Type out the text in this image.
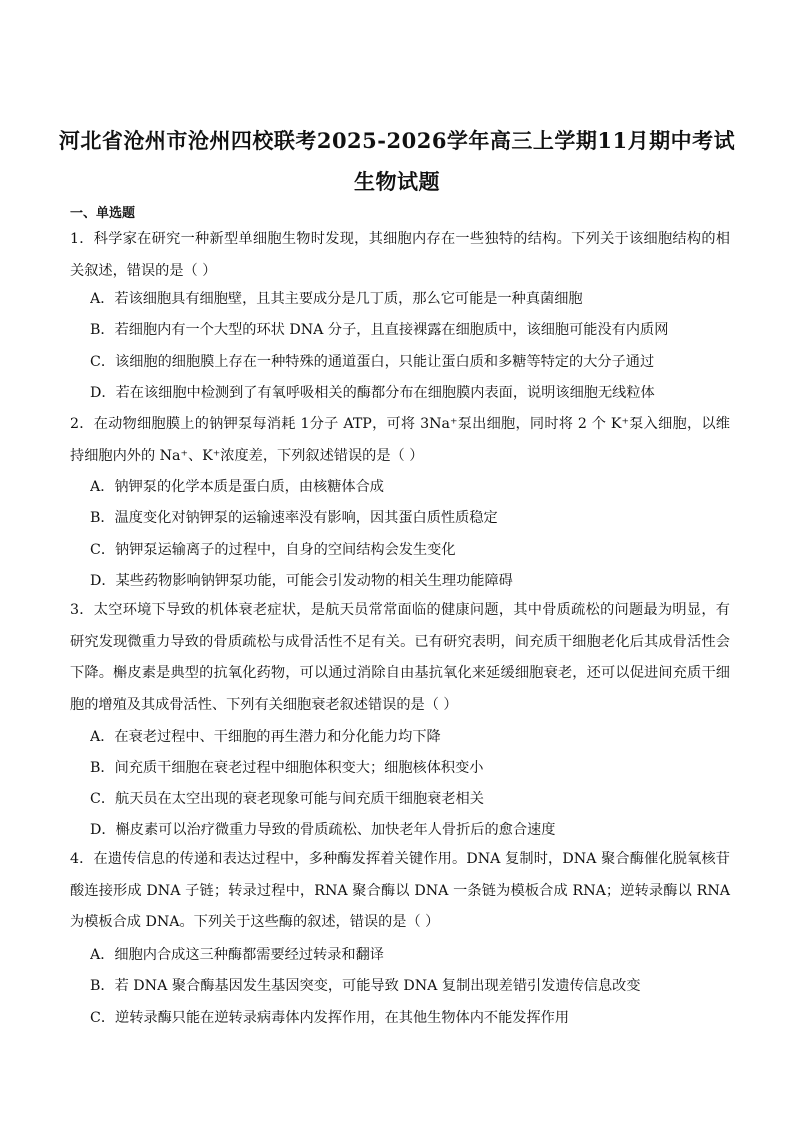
河北省沧州市沧州四校联考2025-2026学年高三上学期11月期中考试
生物试题
一、单选题
1．科学家在研究一种新型单细胞生物时发现，其细胞内存在一些独特的结构。下列关于该细胞结构的相关叙述，错误的是（ ）
A．若该细胞具有细胞壁，且其主要成分是几丁质，那么它可能是一种真菌细胞
B．若细胞内有一个大型的环状 DNA 分子，且直接裸露在细胞质中，该细胞可能没有内质网
C．该细胞的细胞膜上存在一种特殊的通道蛋白，只能让蛋白质和多糖等特定的大分子通过
D．若在该细胞中检测到了有氧呼吸相关的酶都分布在细胞膜内表面，说明该细胞无线粒体
2．在动物细胞膜上的钠钾泵每消耗 1分子 ATP，可将 3Na⁺泵出细胞，同时将 2 个 K⁺泵入细胞，以维持细胞内外的 Na⁺、K⁺浓度差，下列叙述错误的是（ ）
A．钠钾泵的化学本质是蛋白质，由核糖体合成
B．温度变化对钠钾泵的运输速率没有影响，因其蛋白质性质稳定
C．钠钾泵运输离子的过程中，自身的空间结构会发生变化
D．某些药物影响钠钾泵功能，可能会引发动物的相关生理功能障碍
3．太空环境下导致的机体衰老症状，是航天员常常面临的健康问题，其中骨质疏松的问题最为明显，有研究发现微重力导致的骨质疏松与成骨活性不足有关。已有研究表明，间充质干细胞老化后其成骨活性会下降。槲皮素是典型的抗氧化药物，可以通过消除自由基抗氧化来延缓细胞衰老，还可以促进间充质干细胞的增殖及其成骨活性、下列有关细胞衰老叙述错误的是（ ）
A．在衰老过程中、干细胞的再生潜力和分化能力均下降
B．间充质干细胞在衰老过程中细胞体积变大；细胞核体积变小
C．航天员在太空出现的衰老现象可能与间充质干细胞衰老相关
D．槲皮素可以治疗微重力导致的骨质疏松、加快老年人骨折后的愈合速度
4．在遗传信息的传递和表达过程中，多种酶发挥着关键作用。DNA 复制时，DNA 聚合酶催化脱氧核苷酸连接形成 DNA 子链；转录过程中，RNA 聚合酶以 DNA 一条链为模板合成 RNA；逆转录酶以 RNA 为模板合成 DNA。下列关于这些酶的叙述，错误的是（ ）
A．细胞内合成这三种酶都需要经过转录和翻译
B．若 DNA 聚合酶基因发生基因突变，可能导致 DNA 复制出现差错引发遗传信息改变
C．逆转录酶只能在逆转录病毒体内发挥作用，在其他生物体内不能发挥作用
